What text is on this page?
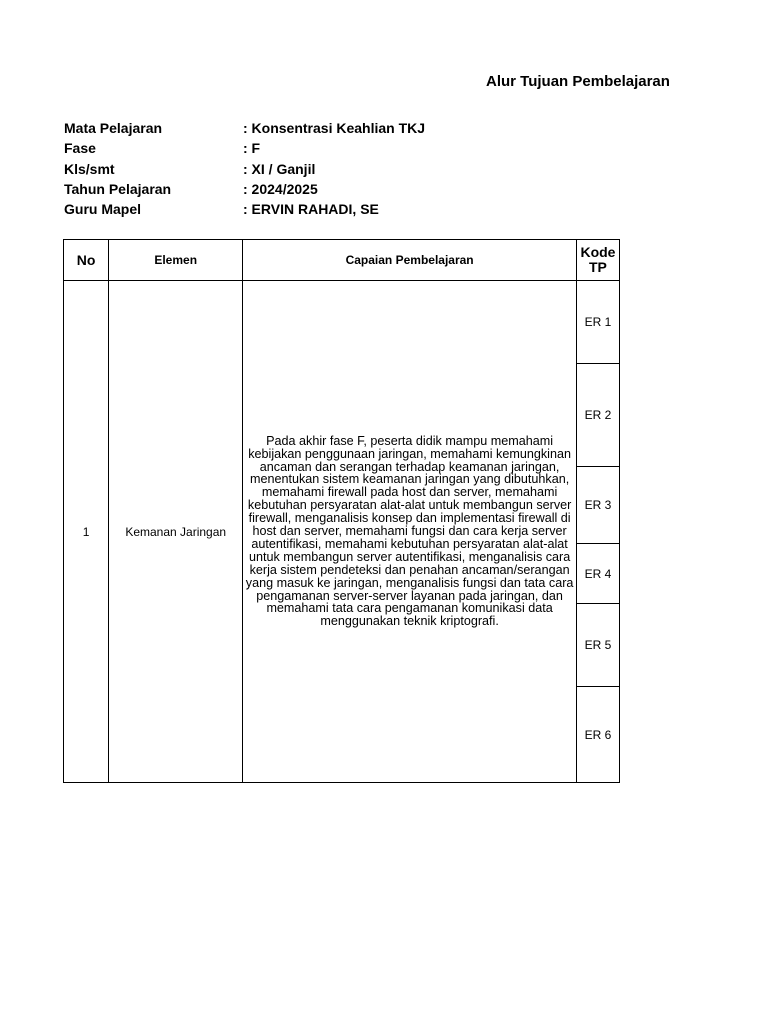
Alur Tujuan Pembelajaran
Mata Pelajaran	: Konsentrasi Keahlian TKJ
Fase	: F
Kls/smt	: XI / Ganjil
Tahun Pelajaran	: 2024/2025
Guru Mapel	: ERVIN RAHADI, SE
No	Elemen	Capaian Pembelajaran	Kode TP
1	Kemanan Jaringan	Pada akhir fase F, peserta didik mampu memahami kebijakan penggunaan jaringan, memahami kemungkinan ancaman dan serangan terhadap keamanan jaringan, menentukan sistem keamanan jaringan yang dibutuhkan, memahami firewall pada host dan server, memahami kebutuhan persyaratan alat-alat untuk membangun server firewall, menganalisis konsep dan implementasi firewall di host dan server, memahami fungsi dan cara kerja server autentifikasi, memahami kebutuhan persyaratan alat-alat untuk membangun server autentifikasi, menganalisis cara kerja sistem pendeteksi dan penahan ancaman/serangan yang masuk ke jaringan, menganalisis fungsi dan tata cara pengamanan server-server layanan pada jaringan, dan memahami tata cara pengamanan komunikasi data menggunakan teknik kriptografi.	ER 1
			ER 2
			ER 3
			ER 4
			ER 5
			ER 6
